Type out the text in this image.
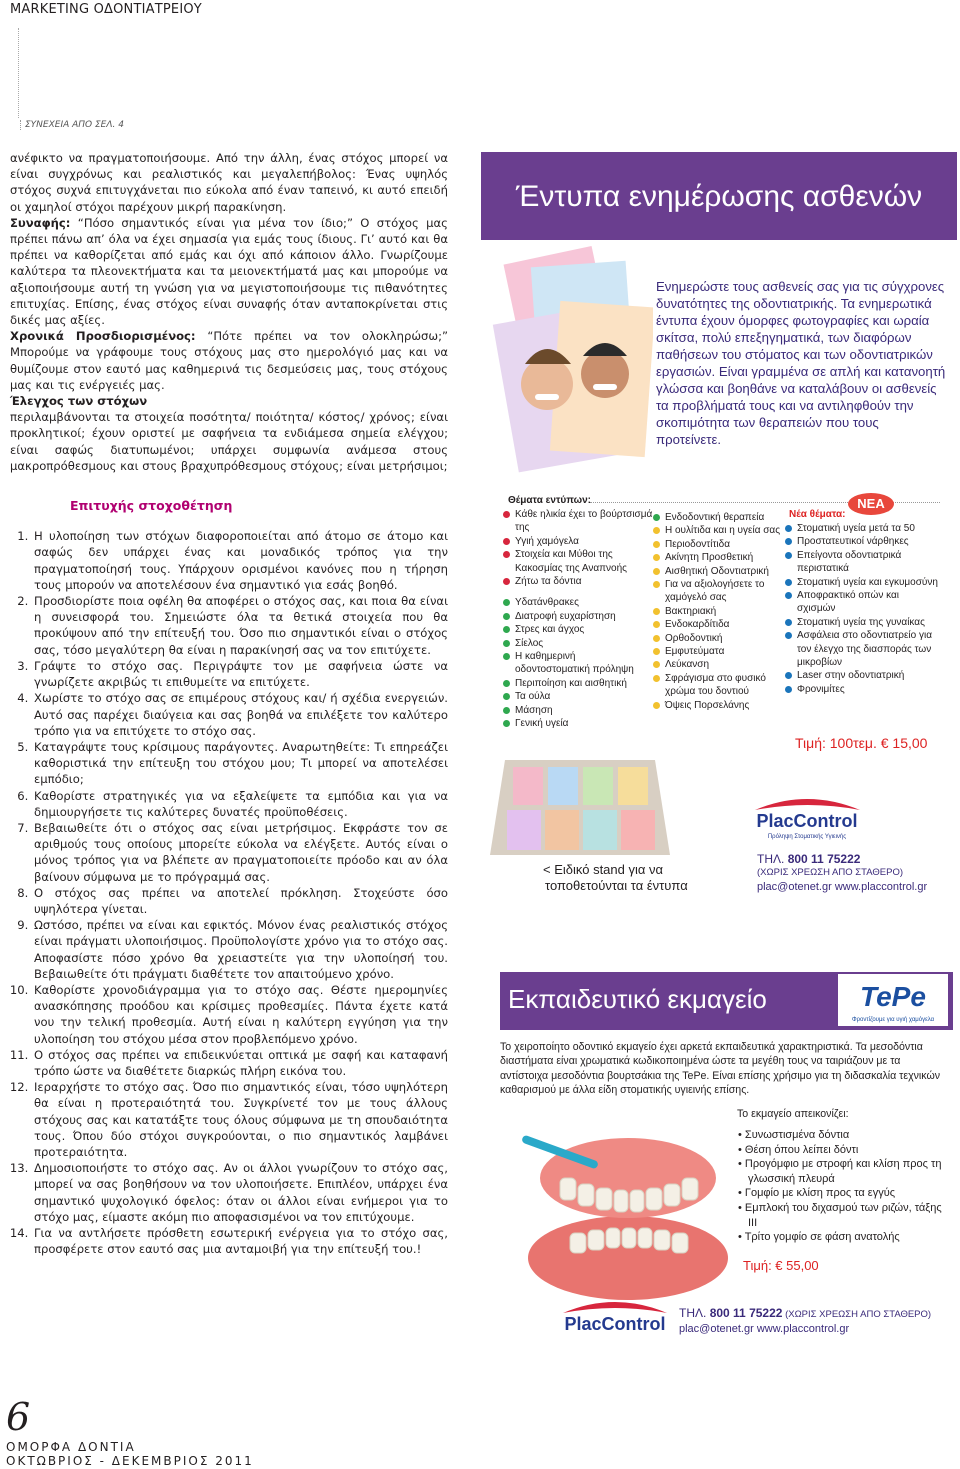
MARKETING ΟΔΟΝΤΙΑΤΡΕΙΟΥ
ΣΥΝΕΧΕΙΑ ΑΠΟ ΣΕΛ. 4

ανέφικτο να πραγματοποιήσουμε. Από την άλλη, ένας στόχος μπορεί να είναι συγχρόνως και ρεαλιστικός και μεγαλεπήβολος: Ένας υψηλός στόχος συχνά επιτυγχάνεται πιο εύκολα από έναν ταπεινό, κι αυτό επειδή οι χαμηλοί στόχοι παρέχουν μικρή παρακίνηση.

Συναφής: “Πόσο σημαντικός είναι για μένα τον ίδιο;” Ο στόχος μας πρέπει πάνω απ’ όλα να έχει σημασία για εμάς τους ίδιους. Γι’ αυτό και θα πρέπει να καθορίζεται από εμάς και όχι από κάποιον άλλο. Γνωρίζουμε καλύτερα τα πλεονεκτήματα και τα μειονεκτήματά μας και μπορούμε να αξιοποιήσουμε αυτή τη γνώση για να μεγιστοποιήσουμε τις πιθανότητες επιτυχίας. Επίσης, ένας στόχος είναι συναφής όταν ανταποκρίνεται στις δικές μας αξίες.

Χρονικά Προσδιορισμένος: “Πότε πρέπει να τον ολοκληρώσω;” Μπορούμε να γράφουμε τους στόχους μας στο ημερολόγιό μας και να θυμίζουμε στον εαυτό μας καθημερινά τις δεσμεύσεις μας, τους στόχους μας και τις ενέργειές μας.

Έλεγχος των στόχων

περιλαμβάνονται τα στοιχεία ποσότητα/ ποιότητα/ κόστος/ χρόνος; είναι προκλητικοί; έχουν οριστεί με σαφήνεια τα ενδιάμεσα σημεία ελέγχου; είναι σαφώς διατυπωμένοι; υπάρχει συμφωνία ανάμεσα στους μακροπρόθεσμους και στους βραχυπρόθεσμους στόχους; είναι μετρήσιμοι;

Επιτυχής στοχοθέτηση

1. Η υλοποίηση των στόχων διαφοροποιείται από άτομο σε άτομο και σαφώς δεν υπάρχει ένας και μοναδικός τρόπος για την πραγματοποίησή τους. Υπάρχουν ορισμένοι κανόνες που η τήρηση τους μπορούν να αποτελέσουν ένα σημαντικό για εσάς βοηθό.
2. Προσδιορίστε ποια οφέλη θα αποφέρει ο στόχος σας, και ποια θα είναι η συνεισφορά του. Σημειώστε όλα τα θετικά στοιχεία που θα προκύψουν από την επίτευξή του. Όσο πιο σημαντικόι είναι ο στόχος σας, τόσο μεγαλύτερη θα είναι η παρακίνησή σας να τον επιτύχετε.
3. Γράψτε το στόχο σας. Περιγράψτε τον με σαφήνεια ώστε να γνωρίζετε ακριβώς τι επιθυμείτε να επιτύχετε.
4. Χωρίστε το στόχο σας σε επιμέρους στόχους και/ ή σχέδια ενεργειών. Αυτό σας παρέχει διαύγεια και σας βοηθά να επιλέξετε τον καλύτερο τρόπο για να επιτύχετε το στόχο σας.
5. Καταγράψτε τους κρίσιμους παράγοντες. Αναρωτηθείτε: Τι επηρεάζει καθοριστικά την επίτευξη του στόχου μου; Τι μπορεί να αποτελέσει εμπόδιο;
6. Καθορίστε στρατηγικές για να εξαλείψετε τα εμπόδια και για να δημιουργήσετε τις καλύτερες δυνατές προϋποθέσεις.
7. Βεβαιωθείτε ότι ο στόχος σας είναι μετρήσιμος. Εκφράστε τον σε αριθμούς τους οποίους μπορείτε εύκολα να ελέγξετε. Αυτός είναι ο μόνος τρόπος για να βλέπετε αν πραγματοποιείτε πρόοδο και αν όλα βαίνουν σύμφωνα με το πρόγραμμά σας.
8. Ο στόχος σας πρέπει να αποτελεί πρόκληση. Στοχεύστε όσο υψηλότερα γίνεται.
9. Ωστόσο, πρέπει να είναι και εφικτός. Μόνον ένας ρεαλιστικός στόχος είναι πράγματι υλοποιήσιμος. Προϋπολογίστε χρόνο για το στόχο σας. Αποφασίστε πόσο χρόνο θα χρειαστείτε για την υλοποίησή του. Βεβαιωθείτε ότι πράγματι διαθέτετε τον απαιτούμενο χρόνο.
10. Καθορίστε χρονοδιάγραμμα για το στόχο σας. Θέστε ημερομηνίες ανασκόπησης προόδου και κρίσιμες προθεσμίες. Πάντα έχετε κατά νου την τελική προθεσμία. Αυτή είναι η καλύτερη εγγύηση για την υλοποίηση του στόχου μέσα στον προβλεπόμενο χρόνο.
11. Ο στόχος σας πρέπει να επιδεικνύεται οπτικά με σαφή και καταφανή τρόπο ώστε να διαθέτετε διαρκώς πλήρη εικόνα του.
12. Ιεραρχήστε το στόχο σας. Όσο πιο σημαντικός είναι, τόσο υψηλότερη θα είναι η προτεραιότητά του. Συγκρίνετέ τον με τους άλλους στόχους σας και κατατάξτε τους όλους σύμφωνα με τη σπουδαιότητα τους. Όπου δύο στόχοι συγκρούονται, ο πιο σημαντικός λαμβάνει προτεραιότητα.
13. Δημοσιοποιήστε το στόχο σας. Αν οι άλλοι γνωρίζουν το στόχο σας, μπορεί να σας βοηθήσουν να τον υλοποιήσετε. Επιπλέον, υπάρχει ένα σημαντικό ψυχολογικό όφελος: όταν οι άλλοι είναι ενήμεροι για το στόχο μας, είμαστε ακόμη πιο αποφασισμένοι να τον επιτύχουμε.
14. Για να αντλήσετε πρόσθετη εσωτερική ενέργεια για το στόχο σας, προσφέρετε στον εαυτό σας μια ανταμοιβή για την επίτευξή του.!
6
ΟΜΟΡΦΑ ΔΟΝΤΙΑ
ΟΚΤΩΒΡΙΟΣ - ΔΕΚΕΜΒΡΙΟΣ 2011
Έντυπα ενημέρωσης ασθενών
Ενημερώστε τους ασθενείς σας για τις σύγχρονες δυνατότητες της οδοντιατρικής. Τα ενημερωτικά έντυπα έχουν όμορφες φωτογραφίες και ωραία σκίτσα, πολύ επεξηγηματικά, των διαφόρων παθήσεων του στόματος και των οδοντιατρικών εργασιών. Είναι γραμμένα σε απλή και κατανοητή γλώσσα και βοηθάνε να καταλάβουν οι ασθενείς τα προβλήματά τους και να αντιληφθούν την σκοπιμότητα των θεραπειών που τους προτείνετε.
Θέματα εντύπων:
Κάθε ηλικία έχει το βούρτσισμά της
Υγιή χαμόγελα
Στοιχεία και Μύθοι της Κακοσμίας της Αναπνοής
Ζήτω τα δόντια
Υδατάνθρακες
Διατροφή ευχαρίστηση
Στρες και άγχος
Σίελος
Η καθημερινή οδοντοστοματική πρόληψη
Περιποίηση και αισθητική
Τα ούλα
Μάσηση
Γενική υγεία
Ενδοδοντική θεραπεία
Η ουλίτιδα και η υγεία σας
Περιοδοντίτιδα
Ακίνητη Προσθετική
Αισθητική Οδοντιατρική
Για να αξιολογήσετε το χαμόγελό σας
Βακτηριακή
Ενδοκαρδίτιδα
Ορθοδοντική
Εμφυτεύματα
Λεύκανση
Σφράγισμα στο φυσικό χρώμα του δοντιού
Όψεις Πορσελάνης
ΝΕΑ
Νέα θέματα:
Στοματική υγεία μετά τα 50
Προστατευτικοί νάρθηκες
Επείγοντα οδοντιατρικά περιστατικά
Στοματική υγεία και εγκυμοσύνη
Αποφρακτικό οπών και σχισμών
Στοματική υγεία της γυναίκας
Ασφάλεια στο οδοντιατρείο για τον έλεγχο της διασποράς των μικροβίων
Laser στην οδοντιατρική
Φρονιμίτες
Τιμή: 100τεμ. € 15,00
< Ειδικό stand για να
τοποθετούνται τα έντυπα
PlacControl
Πρόληψη Στοματικής Υγιεινής
ΤΗΛ. 800 11 75222
(ΧΩΡΙΣ ΧΡΕΩΣΗ ΑΠΟ ΣΤΑΘΕΡΟ)
plac@otenet.gr www.placcontrol.gr
Εκπαιδευτικό εκμαγείο	TePe
Φροντίζουμε για υγιή χαμόγελα
Το χειροποίητο οδοντικό εκμαγείο έχει αρκετά εκπαιδευτικά χαρακτηριστικά. Τα μεσοδόντια διαστήματα είναι χρωματικά κωδικοποιημένα ώστε τα μεγέθη τους να ταιριάζουν με τα αντίστοιχα μεσοδόντια βουρτσάκια της TePe. Είναι επίσης χρήσιμο για τη διδασκαλία τεχνικών καθαρισμού με άλλα είδη στοματικής υγιεινής επίσης.
Το εκμαγείο απεικονίζει:
• Συνωστισμένα δόντια
• Θέση όπου λείπει δόντι
• Προγόμφιο με στροφή και κλίση προς τη γλωσσική πλευρά
• Γομφίο με κλίση προς τα εγγύς
• Εμπλοκή του διχασμού των ριζών, τάξης III
• Τρίτο γομφίο σε φάση ανατολής
Τιμή: € 55,00
PlacControl
ΤΗΛ. 800 11 75222 (ΧΩΡΙΣ ΧΡΕΩΣΗ ΑΠΟ ΣΤΑΘΕΡΟ)
plac@otenet.gr www.placcontrol.gr
